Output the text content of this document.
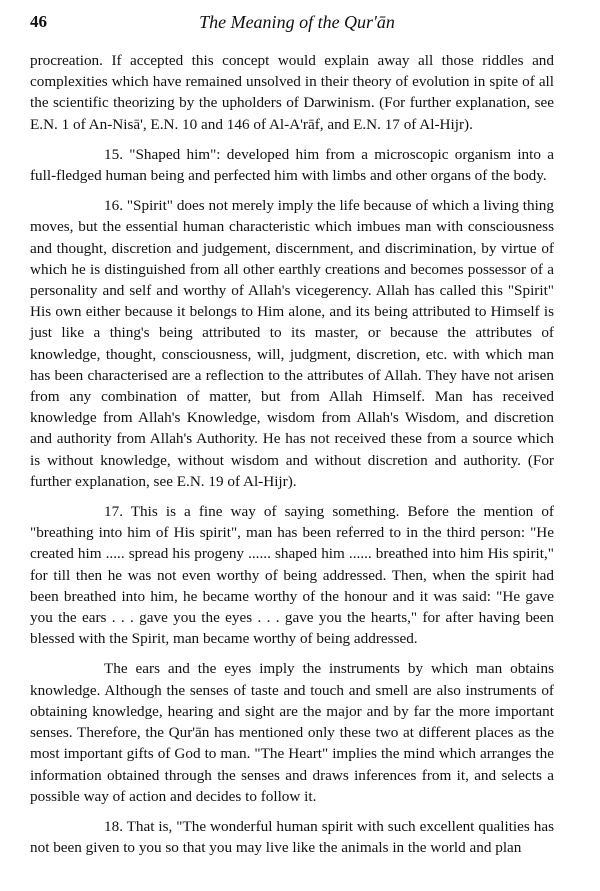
46	The Meaning of the Qur'ān

procreation. If accepted this concept would explain away all those riddles and complexities which have remained unsolved in their theory of evolution in spite of all the scientific theorizing by the upholders of Darwinism. (For further explanation, see E.N. 1 of An-Nisā', E.N. 10 and 146 of Al-A'rāf, and E.N. 17 of Al-Hijr).

15. "Shaped him": developed him from a microscopic organism into a full-fledged human being and perfected him with limbs and other organs of the body.

16. "Spirit" does not merely imply the life because of which a living thing moves, but the essential human characteristic which imbues man with consciousness and thought, discretion and judgement, discernment, and discrimination, by virtue of which he is distinguished from all other earthly creations and becomes possessor of a personality and self and worthy of Allah's vicegerency. Allah has called this "Spirit" His own either because it belongs to Him alone, and its being attributed to Himself is just like a thing's being attributed to its master, or because the attributes of knowledge, thought, consciousness, will, judgment, discretion, etc. with which man has been characterised are a reflection to the attributes of Allah. They have not arisen from any combination of matter, but from Allah Himself. Man has received knowledge from Allah's Knowledge, wisdom from Allah's Wisdom, and discretion and authority from Allah's Authority. He has not received these from a source which is without knowledge, without wisdom and without discretion and authority. (For further explanation, see E.N. 19 of Al-Hijr).

17. This is a fine way of saying something. Before the mention of "breathing into him of His spirit", man has been referred to in the third person: "He created him ..... spread his progeny ...... shaped him ...... breathed into him His spirit," for till then he was not even worthy of being addressed. Then, when the spirit had been breathed into him, he became worthy of the honour and it was said: "He gave you the ears . . . gave you the eyes . . . gave you the hearts," for after having been blessed with the Spirit, man became worthy of being addressed.

The ears and the eyes imply the instruments by which man obtains knowledge. Although the senses of taste and touch and smell are also instruments of obtaining knowledge, hearing and sight are the major and by far the more important senses. Therefore, the Qur'ān has mentioned only these two at different places as the most important gifts of God to man. "The Heart" implies the mind which arranges the information obtained through the senses and draws inferences from it, and selects a possible way of action and decides to follow it.

18. That is, "The wonderful human spirit with such excellent qualities has not been given to you so that you may live like the animals in the world and plan
